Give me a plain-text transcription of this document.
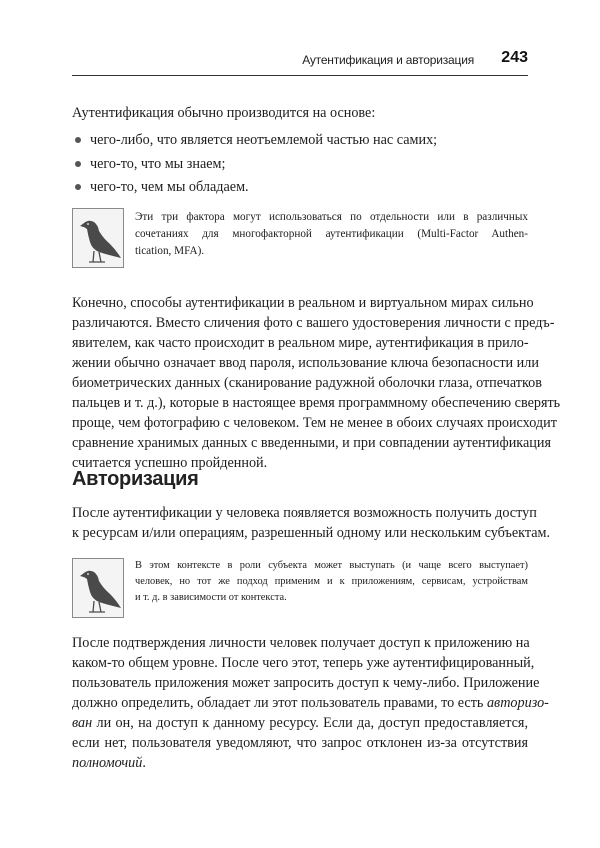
Аутентификация и авторизация 243

Аутентификация обычно производится на основе:

чего-либо, что является неотъемлемой частью нас самих;
чего-то, что мы знаем;
чего-то, чем мы обладаем.
Эти три фактора могут использоваться по отдельности или в различных
сочетаниях для многофакторной аутентификации (Multi-Factor Authen-
tication, MFA).
Конечно, способы аутентификации в реальном и виртуальном мирах сильно
различаются. Вместо сличения фото с вашего удостоверения личности с предъ-
явителем, как часто происходит в реальном мире, аутентификация в прило-
жении обычно означает ввод пароля, использование ключа безопасности или
биометрических данных (сканирование радужной оболочки глаза, отпечатков
пальцев и т. д.), которые в настоящее время программному обеспечению сверять
проще, чем фотографию с человеком. Тем не менее в обоих случаях происходит
сравнение хранимых данных с введенными, и при совпадении аутентификация
считается успешно пройденной.
Авторизация
После аутентификации у человека появляется возможность получить доступ
к ресурсам и/или операциям, разрешенный одному или нескольким субъектам.
В этом контексте в роли субъекта может выступать (и чаще всего выступает)
человек, но тот же подход применим и к приложениям, сервисам, устройствам
и т. д. в зависимости от контекста.
После подтверждения личности человек получает доступ к приложению на
каком-то общем уровне. После чего этот, теперь уже аутентифицированный,
пользователь приложения может запросить доступ к чему-либо. Приложение
должно определить, обладает ли этот пользователь правами, то есть авторизо-
ван ли он, на доступ к данному ресурсу. Если да, доступ предоставляется,
если нет, пользователя уведомляют, что запрос отклонен из-за отсутствия
полномочий.
